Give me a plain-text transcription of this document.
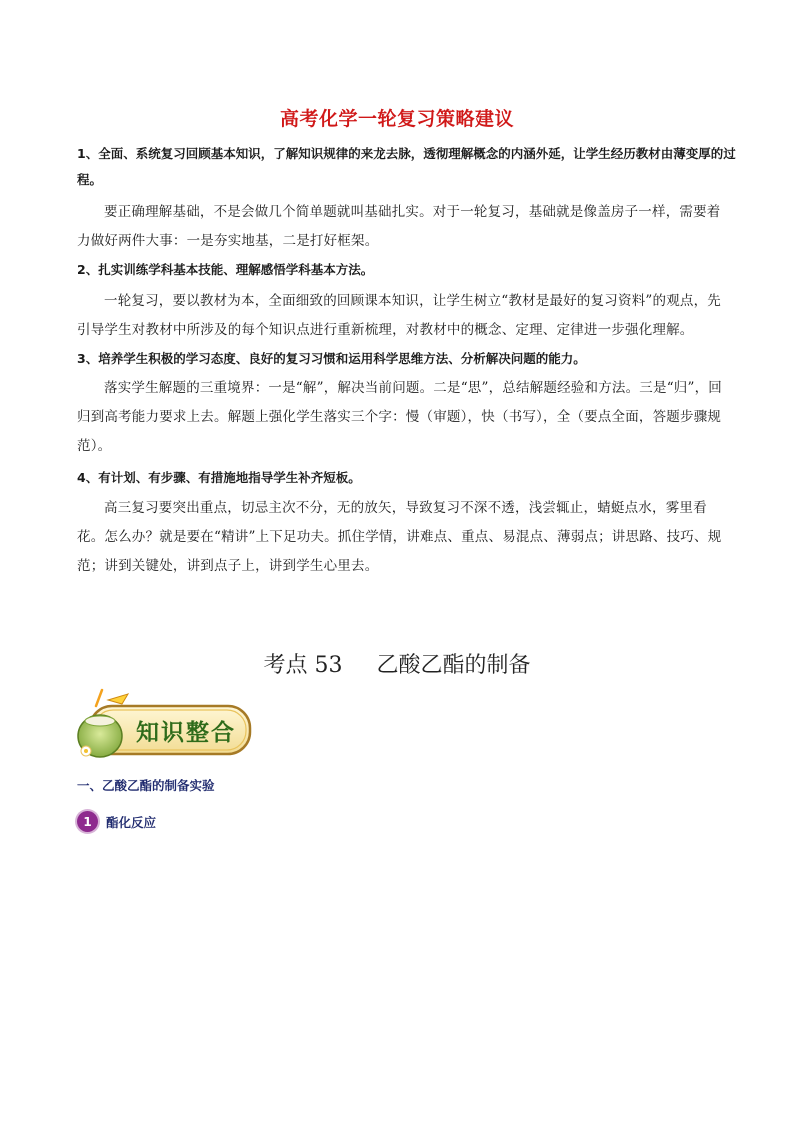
高考化学一轮复习策略建议
1、全面、系统复习回顾基本知识，了解知识规律的来龙去脉，透彻理解概念的内涵外延，让学生经历教材由薄变厚的过程。
要正确理解基础，不是会做几个简单题就叫基础扎实。对于一轮复习，基础就是像盖房子一样，需要着力做好两件大事：一是夯实地基，二是打好框架。
2、扎实训练学科基本技能、理解感悟学科基本方法。
一轮复习，要以教材为本，全面细致的回顾课本知识，让学生树立“教材是最好的复习资料”的观点，先引导学生对教材中所涉及的每个知识点进行重新梳理，对教材中的概念、定理、定律进一步强化理解。
3、培养学生积极的学习态度、良好的复习习惯和运用科学思维方法、分析解决问题的能力。
落实学生解题的三重境界：一是“解”，解决当前问题。二是“思”，总结解题经验和方法。三是“归”，回归到高考能力要求上去。解题上强化学生落实三个字：慢（审题），快（书写），全（要点全面，答题步骤规范）。
4、有计划、有步骤、有措施地指导学生补齐短板。
高三复习要突出重点，切忌主次不分，无的放矢，导致复习不深不透，浅尝辄止，蜻蜓点水，雾里看花。怎么办？就是要在“精讲”上下足功夫。抓住学情，讲难点、重点、易混点、薄弱点；讲思路、技巧、规范；讲到关键处，讲到点子上，讲到学生心里去。
考点 53 乙酸乙酯的制备
知识整合
一、乙酸乙酯的制备实验
1	酯化反应
